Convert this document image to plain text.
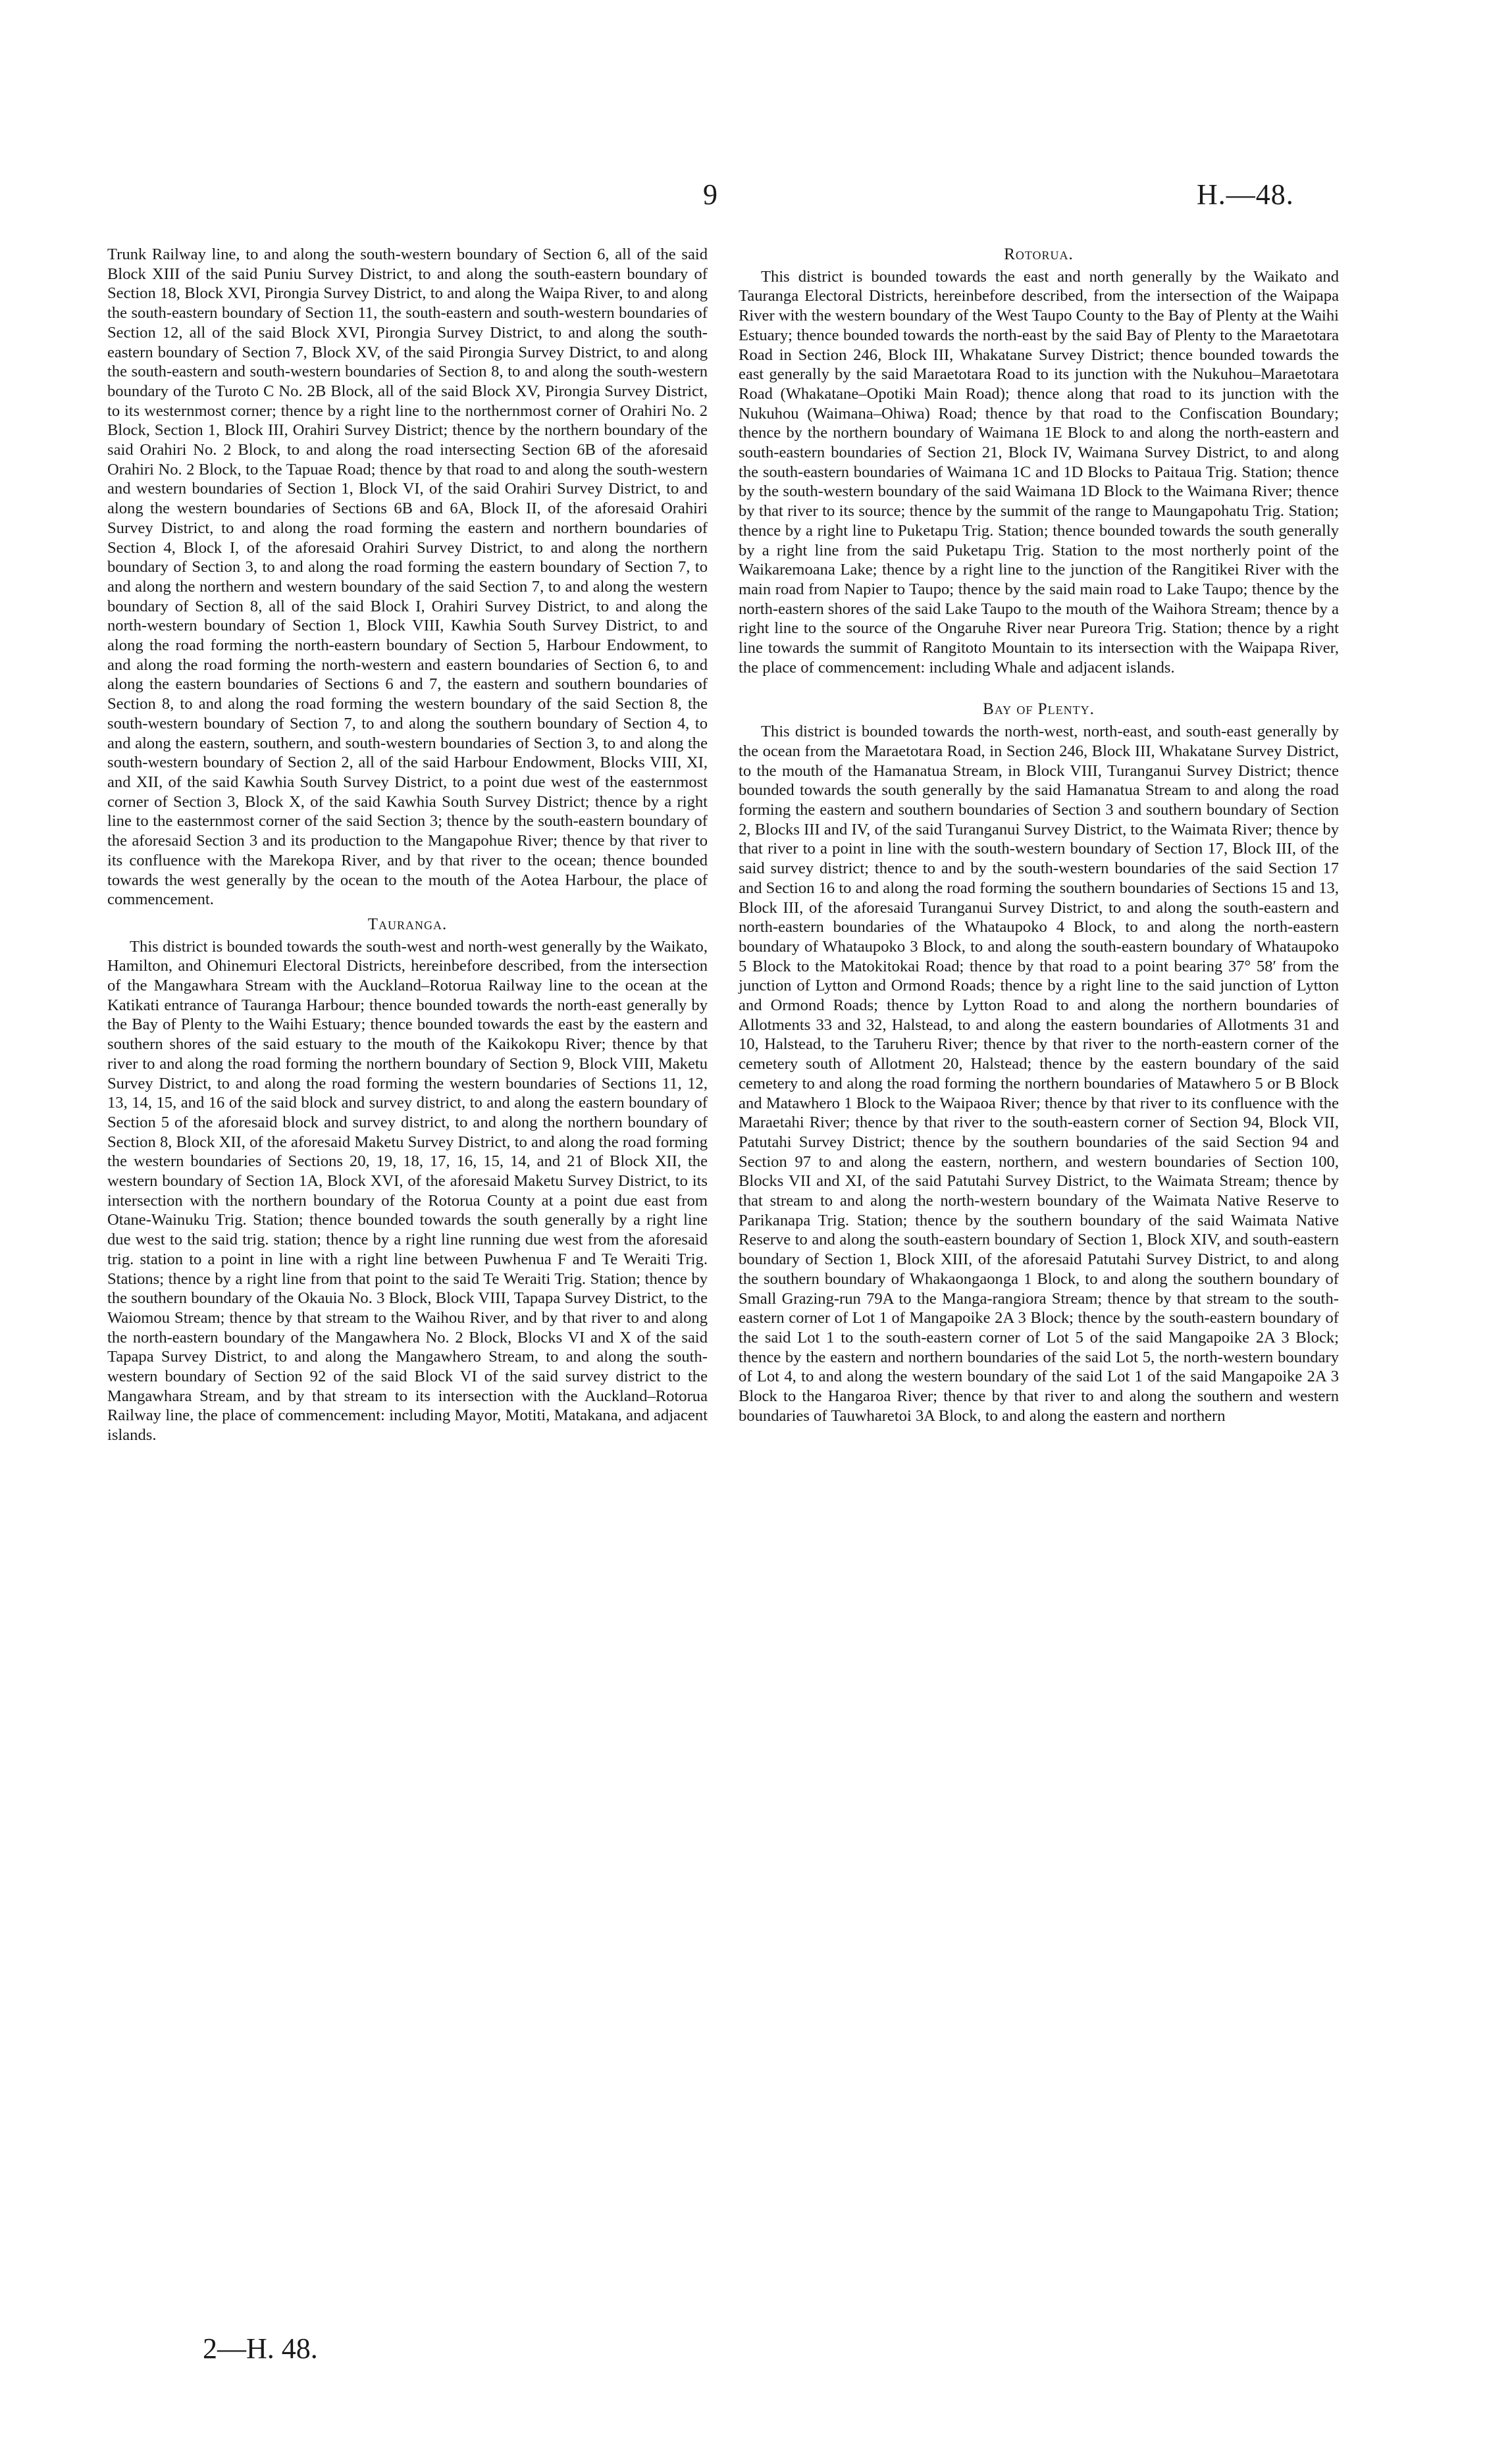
9	H.—48.

Trunk Railway line, to and along the south-western boundary of Section 6, all of the said Block XIII of the said Puniu Survey District, to and along the south-eastern boundary of Section 18, Block XVI, Pirongia Survey District, to and along the Waipa River, to and along the south-eastern boundary of Section 11, the south-eastern and south-western boundaries of Section 12, all of the said Block XVI, Pirongia Survey District, to and along the south-eastern boundary of Section 7, Block XV, of the said Pirongia Survey District, to and along the south-eastern and south-western boundaries of Section 8, to and along the south-western boundary of the Turoto C No. 2B Block, all of the said Block XV, Pirongia Survey District, to its westernmost corner; thence by a right line to the northernmost corner of Orahiri No. 2 Block, Section 1, Block III, Orahiri Survey District; thence by the northern boundary of the said Orahiri No. 2 Block, to and along the road intersecting Section 6B of the aforesaid Orahiri No. 2 Block, to the Tapuae Road; thence by that road to and along the south-western and western boundaries of Section 1, Block VI, of the said Orahiri Survey District, to and along the western boundaries of Sections 6B and 6A, Block II, of the aforesaid Orahiri Survey District, to and along the road forming the eastern and northern boundaries of Section 4, Block I, of the aforesaid Orahiri Survey District, to and along the northern boundary of Section 3, to and along the road forming the eastern boundary of Section 7, to and along the northern and western boundary of the said Section 7, to and along the western boundary of Section 8, all of the said Block I, Orahiri Survey District, to and along the north-western boundary of Section 1, Block VIII, Kawhia South Survey District, to and along the road forming the north-eastern boundary of Section 5, Harbour Endowment, to and along the road forming the north-western and eastern boundaries of Section 6, to and along the eastern boundaries of Sections 6 and 7, the eastern and southern boundaries of Section 8, to and along the road forming the western boundary of the said Section 8, the south-western boundary of Section 7, to and along the southern boundary of Section 4, to and along the eastern, southern, and south-western boundaries of Section 3, to and along the south-western boundary of Section 2, all of the said Harbour Endowment, Blocks VIII, XI, and XII, of the said Kawhia South Survey District, to a point due west of the easternmost corner of Section 3, Block X, of the said Kawhia South Survey District; thence by a right line to the easternmost corner of the said Section 3; thence by the south-eastern boundary of the aforesaid Section 3 and its production to the Mangapohue River; thence by that river to its confluence with the Marekopa River, and by that river to the ocean; thence bounded towards the west generally by the ocean to the mouth of the Aotea Harbour, the place of commencement.

Tauranga.

This district is bounded towards the south-west and north-west generally by the Waikato, Hamilton, and Ohinemuri Electoral Districts, hereinbefore described, from the intersection of the Mangawhara Stream with the Auckland–Rotorua Railway line to the ocean at the Katikati entrance of Tauranga Harbour; thence bounded towards the north-east generally by the Bay of Plenty to the Waihi Estuary; thence bounded towards the east by the eastern and southern shores of the said estuary to the mouth of the Kaikokopu River; thence by that river to and along the road forming the northern boundary of Section 9, Block VIII, Maketu Survey District, to and along the road forming the western boundaries of Sections 11, 12, 13, 14, 15, and 16 of the said block and survey district, to and along the eastern boundary of Section 5 of the aforesaid block and survey district, to and along the northern boundary of Section 8, Block XII, of the aforesaid Maketu Survey District, to and along the road forming the western boundaries of Sections 20, 19, 18, 17, 16, 15, 14, and 21 of Block XII, the western boundary of Section 1A, Block XVI, of the aforesaid Maketu Survey District, to its intersection with the northern boundary of the Rotorua County at a point due east from Otane-Wainuku Trig. Station; thence bounded towards the south generally by a right line due west to the said trig. station; thence by a right line running due west from the aforesaid trig. station to a point in line with a right line between Puwhenua F and Te Weraiti Trig. Stations; thence by a right line from that point to the said Te Weraiti Trig. Station; thence by the southern boundary of the Okauia No. 3 Block, Block VIII, Tapapa Survey District, to the Waiomou Stream; thence by that stream to the Waihou River, and by that river to and along the north-eastern boundary of the Mangawhera No. 2 Block, Blocks VI and X of the said Tapapa Survey District, to and along the Mangawhero Stream, to and along the south-western boundary of Section 92 of the said Block VI of the said survey district to the Mangawhara Stream, and by that stream to its intersection with the Auckland–Rotorua Railway line, the place of commencement: including Mayor, Motiti, Matakana, and adjacent islands.

Rotorua.

This district is bounded towards the east and north generally by the Waikato and Tauranga Electoral Districts, hereinbefore described, from the intersection of the Waipapa River with the western boundary of the West Taupo County to the Bay of Plenty at the Waihi Estuary; thence bounded towards the north-east by the said Bay of Plenty to the Maraetotara Road in Section 246, Block III, Whakatane Survey District; thence bounded towards the east generally by the said Maraetotara Road to its junction with the Nukuhou–Maraetotara Road (Whakatane–Opotiki Main Road); thence along that road to its junction with the Nukuhou (Waimana–Ohiwa) Road; thence by that road to the Confiscation Boundary; thence by the northern boundary of Waimana 1E Block to and along the north-eastern and south-eastern boundaries of Section 21, Block IV, Waimana Survey District, to and along the south-eastern boundaries of Waimana 1C and 1D Blocks to Paitaua Trig. Station; thence by the south-western boundary of the said Waimana 1D Block to the Waimana River; thence by that river to its source; thence by the summit of the range to Maungapohatu Trig. Station; thence by a right line to Puketapu Trig. Station; thence bounded towards the south generally by a right line from the said Puketapu Trig. Station to the most northerly point of the Waikaremoana Lake; thence by a right line to the junction of the Rangitikei River with the main road from Napier to Taupo; thence by the said main road to Lake Taupo; thence by the north-eastern shores of the said Lake Taupo to the mouth of the Waihora Stream; thence by a right line to the source of the Ongaruhe River near Pureora Trig. Station; thence by a right line towards the summit of Rangitoto Mountain to its intersection with the Waipapa River, the place of commencement: including Whale and adjacent islands.

Bay of Plenty.

This district is bounded towards the north-west, north-east, and south-east generally by the ocean from the Maraetotara Road, in Section 246, Block III, Whakatane Survey District, to the mouth of the Hamanatua Stream, in Block VIII, Turanganui Survey District; thence bounded towards the south generally by the said Hamanatua Stream to and along the road forming the eastern and southern boundaries of Section 3 and southern boundary of Section 2, Blocks III and IV, of the said Turanganui Survey District, to the Waimata River; thence by that river to a point in line with the south-western boundary of Section 17, Block III, of the said survey district; thence to and by the south-western boundaries of the said Section 17 and Section 16 to and along the road forming the southern boundaries of Sections 15 and 13, Block III, of the aforesaid Turanganui Survey District, to and along the south-eastern and north-eastern boundaries of the Whataupoko 4 Block, to and along the north-eastern boundary of Whataupoko 3 Block, to and along the south-eastern boundary of Whataupoko 5 Block to the Matokitokai Road; thence by that road to a point bearing 37° 58′ from the junction of Lytton and Ormond Roads; thence by a right line to the said junction of Lytton and Ormond Roads; thence by Lytton Road to and along the northern boundaries of Allotments 33 and 32, Halstead, to and along the eastern boundaries of Allotments 31 and 10, Halstead, to the Taruheru River; thence by that river to the north-eastern corner of the cemetery south of Allotment 20, Halstead; thence by the eastern boundary of the said cemetery to and along the road forming the northern boundaries of Matawhero 5 or B Block and Matawhero 1 Block to the Waipaoa River; thence by that river to its confluence with the Maraetahi River; thence by that river to the south-eastern corner of Section 94, Block VII, Patutahi Survey District; thence by the southern boundaries of the said Section 94 and Section 97 to and along the eastern, northern, and western boundaries of Section 100, Blocks VII and XI, of the said Patutahi Survey District, to the Waimata Stream; thence by that stream to and along the north-western boundary of the Waimata Native Reserve to Parikanapa Trig. Station; thence by the southern boundary of the said Waimata Native Reserve to and along the south-eastern boundary of Section 1, Block XIV, and south-eastern boundary of Section 1, Block XIII, of the aforesaid Patutahi Survey District, to and along the southern boundary of Whakaongaonga 1 Block, to and along the southern boundary of Small Grazing-run 79A to the Manga-rangiora Stream; thence by that stream to the south-eastern corner of Lot 1 of Mangapoike 2A 3 Block; thence by the south-eastern boundary of the said Lot 1 to the south-eastern corner of Lot 5 of the said Mangapoike 2A 3 Block; thence by the eastern and northern boundaries of the said Lot 5, the north-western boundary of Lot 4, to and along the western boundary of the said Lot 1 of the said Mangapoike 2A 3 Block to the Hangaroa River; thence by that river to and along the southern and western boundaries of Tauwharetoi 3A Block, to and along the eastern and northern

2—H. 48.
